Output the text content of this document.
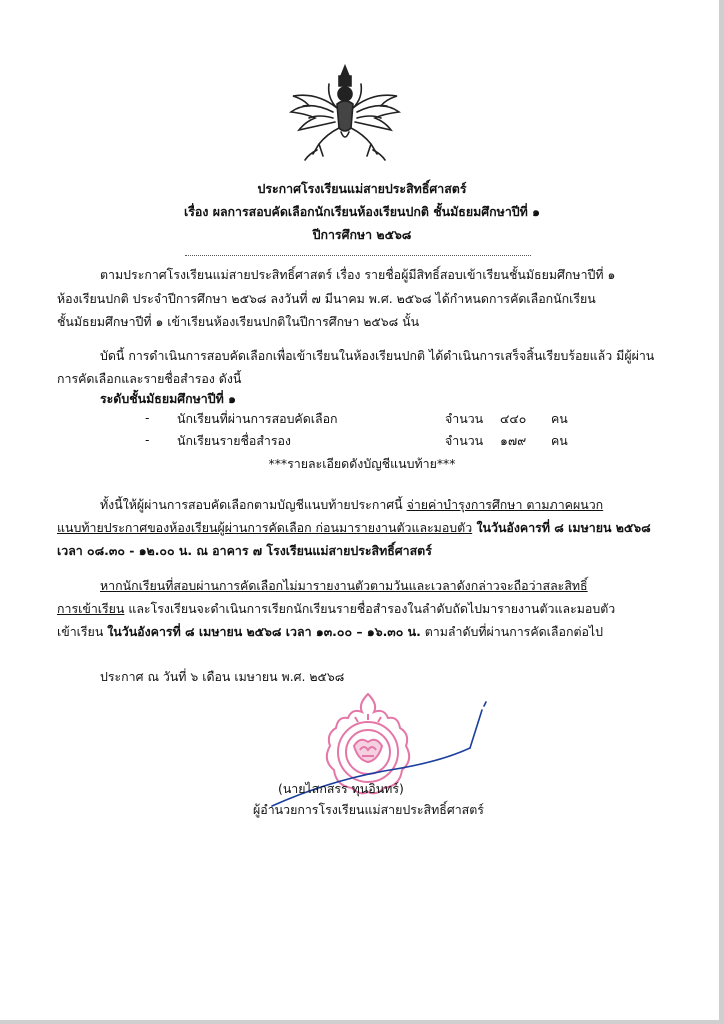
ประกาศโรงเรียนแม่สายประสิทธิ์ศาสตร์
เรื่อง ผลการสอบคัดเลือกนักเรียนห้องเรียนปกติ ชั้นมัธยมศึกษาปีที่ ๑
ปีการศึกษา ๒๕๖๘
ตามประกาศโรงเรียนแม่สายประสิทธิ์ศาสตร์ เรื่อง รายชื่อผู้มีสิทธิ์สอบเข้าเรียนชั้นมัธยมศึกษาปีที่ ๑
ห้องเรียนปกติ ประจำปีการศึกษา ๒๕๖๘ ลงวันที่ ๗ มีนาคม พ.ศ. ๒๕๖๘ ได้กำหนดการคัดเลือกนักเรียน
ชั้นมัธยมศึกษาปีที่ ๑ เข้าเรียนห้องเรียนปกติในปีการศึกษา ๒๕๖๘ นั้น
บัดนี้ การดำเนินการสอบคัดเลือกเพื่อเข้าเรียนในห้องเรียนปกติ ได้ดำเนินการเสร็จสิ้นเรียบร้อยแล้ว มีผู้ผ่าน
การคัดเลือกและรายชื่อสำรอง ดังนี้
ระดับชั้นมัธยมศึกษาปีที่ ๑
- นักเรียนที่ผ่านการสอบคัดเลือก	จำนวน ๔๔๐ คน
- นักเรียนรายชื่อสำรอง	จำนวน ๑๗๙ คน
***รายละเอียดดังบัญชีแนบท้าย***
ทั้งนี้ให้ผู้ผ่านการสอบคัดเลือกตามบัญชีแนบท้ายประกาศนี้ จ่ายค่าบำรุงการศึกษา ตามภาคผนวก
แนบท้ายประกาศของห้องเรียนผู้ผ่านการคัดเลือก ก่อนมารายงานตัวและมอบตัว ในวันอังคารที่ ๘ เมษายน ๒๕๖๘
เวลา ๐๘.๓๐ - ๑๒.๐๐ น. ณ อาคาร ๗ โรงเรียนแม่สายประสิทธิ์ศาสตร์
หากนักเรียนที่สอบผ่านการคัดเลือกไม่มารายงานตัวตามวันและเวลาดังกล่าวจะถือว่าสละสิทธิ์
การเข้าเรียน และโรงเรียนจะดำเนินการเรียกนักเรียนรายชื่อสำรองในลำดับถัดไปมารายงานตัวและมอบตัว
เข้าเรียน ในวันอังคารที่ ๘ เมษายน ๒๕๖๘ เวลา ๑๓.๐๐ – ๑๖.๓๐ น. ตามลำดับที่ผ่านการคัดเลือกต่อไป
ประกาศ ณ วันที่ ๖ เดือน เมษายน พ.ศ. ๒๕๖๘
(นายไสกสรร ทุนอินทร์)
ผู้อำนวยการโรงเรียนแม่สายประสิทธิ์ศาสตร์
